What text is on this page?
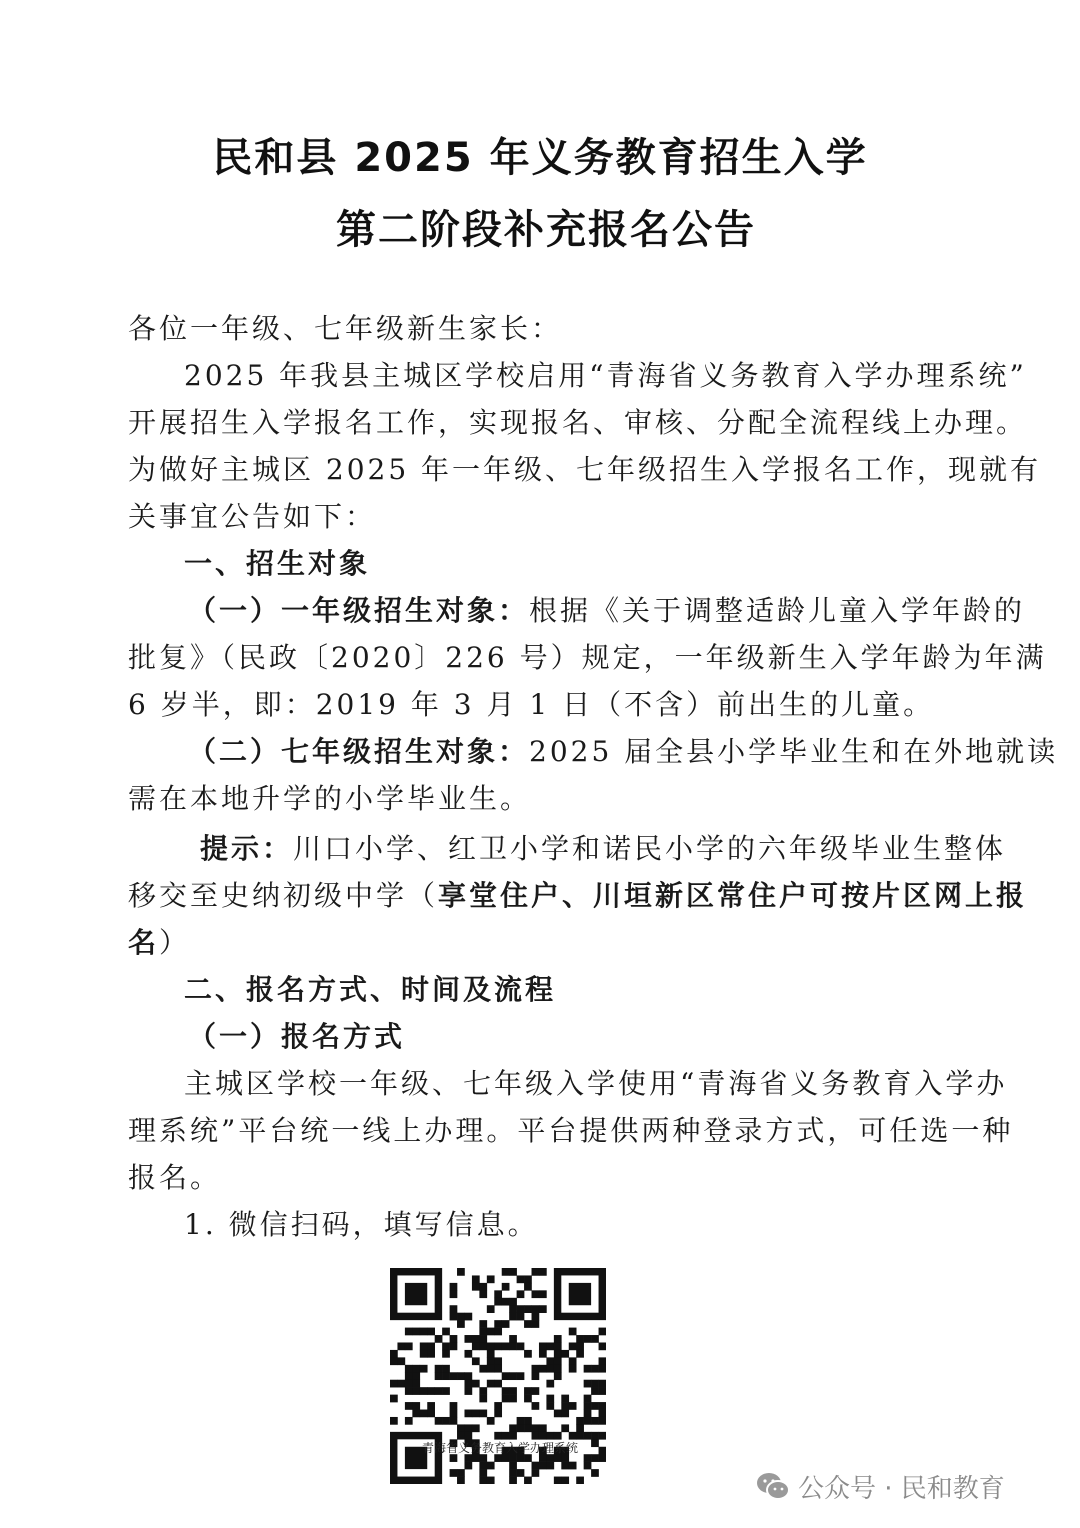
民和县 2025 年义务教育招生入学
第二阶段补充报名公告

各位一年级、七年级新生家长：

2025 年我县主城区学校启用“青海省义务教育入学办理系统”

开展招生入学报名工作，实现报名、审核、分配全流程线上办理。

为做好主城区 2025 年一年级、七年级招生入学报名工作，现就有

关事宜公告如下：

一、招生对象

（一）一年级招生对象：根据《关于调整适龄儿童入学年龄的

批复》（民政〔2020〕226 号）规定，一年级新生入学年龄为年满

6 岁半，即：2019 年 3 月 1 日（不含）前出生的儿童。

（二）七年级招生对象：2025 届全县小学毕业生和在外地就读

需在本地升学的小学毕业生。

提示：川口小学、红卫小学和诺民小学的六年级毕业生整体

移交至史纳初级中学（享堂住户、川垣新区常住户可按片区网上报

名）

二、报名方式、时间及流程

（一）报名方式

主城区学校一年级、七年级入学使用“青海省义务教育入学办

理系统”平台统一线上办理。平台提供两种登录方式，可任选一种

报名。

1. 微信扫码，填写信息。

青海省义务教育入学办理系统

公众号 · 民和教育
